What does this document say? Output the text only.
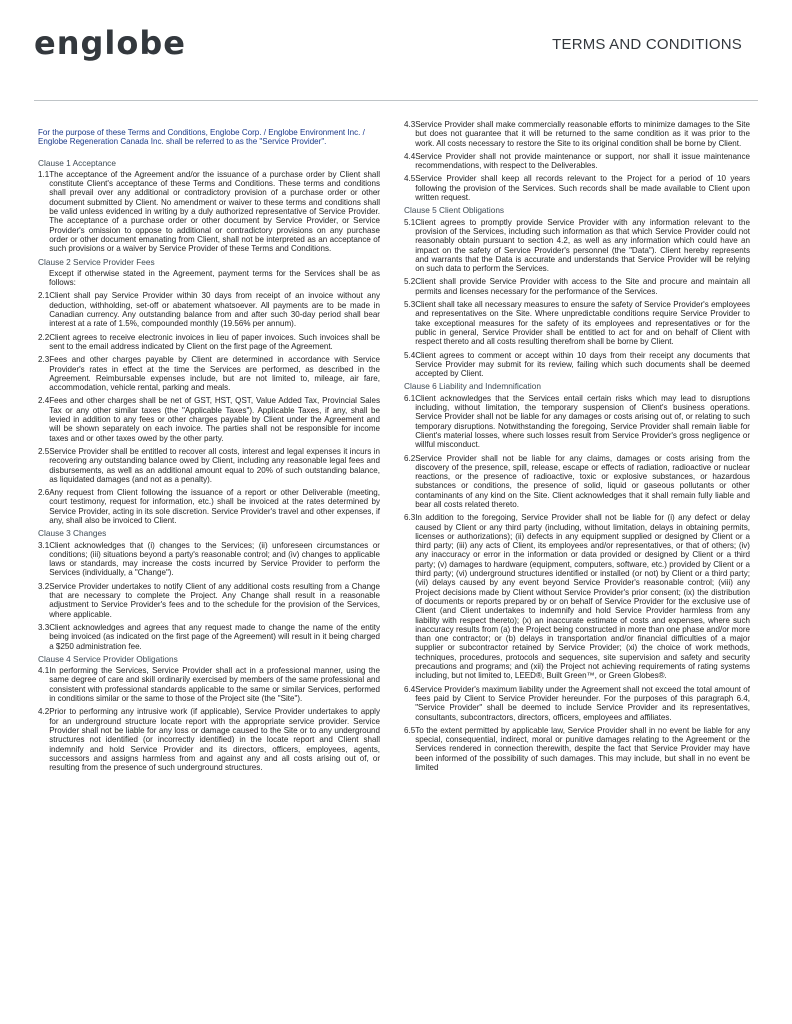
englobe	TERMS AND CONDITIONS
For the purpose of these Terms and Conditions, Englobe Corp. / Englobe Environment Inc. / Englobe Regeneration Canada Inc. shall be referred to as the "Service Provider".
Clause 1 Acceptance
1.1 The acceptance of the Agreement and/or the issuance of a purchase order by Client shall constitute Client's acceptance of these Terms and Conditions. These terms and conditions shall prevail over any additional or contradictory provision of a purchase order or other document submitted by Client. No amendment or waiver to these terms and conditions shall be valid unless evidenced in writing by a duly authorized representative of Service Provider. The acceptance of a purchase order or other document by Service Provider, or Service Provider's omission to oppose to additional or contradictory provisions on any purchase order or other document emanating from Client, shall not be interpreted as an acceptance of such provisions or a waiver by Service Provider of these Terms and Conditions.
Clause 2 Service Provider Fees
Except if otherwise stated in the Agreement, payment terms for the Services shall be as follows:
2.1 Client shall pay Service Provider within 30 days from receipt of an invoice without any deduction, withholding, set-off or abatement whatsoever. All payments are to be made in Canadian currency. Any outstanding balance from and after such 30-day period shall bear interest at a rate of 1.5%, compounded monthly (19.56% per annum).
2.2 Client agrees to receive electronic invoices in lieu of paper invoices. Such invoices shall be sent to the email address indicated by Client on the first page of the Agreement.
2.3 Fees and other charges payable by Client are determined in accordance with Service Provider's rates in effect at the time the Services are performed, as described in the Agreement. Reimbursable expenses include, but are not limited to, mileage, air fare, accommodation, vehicle rental, parking and meals.
2.4 Fees and other charges shall be net of GST, HST, QST, Value Added Tax, Provincial Sales Tax or any other similar taxes (the "Applicable Taxes"). Applicable Taxes, if any, shall be levied in addition to any fees or other charges payable by Client under the Agreement and will be shown separately on each invoice. The parties shall not be responsible for income taxes and or other taxes owed by the other party.
2.5 Service Provider shall be entitled to recover all costs, interest and legal expenses it incurs in recovering any outstanding balance owed by Client, including any reasonable legal fees and disbursements, as well as an additional amount equal to 20% of such outstanding balance, as liquidated damages (and not as a penalty).
2.6 Any request from Client following the issuance of a report or other Deliverable (meeting, court testimony, request for information, etc.) shall be invoiced at the rates determined by Service Provider, acting in its sole discretion. Service Provider's travel and other expenses, if any, shall also be invoiced to Client.
Clause 3 Changes
3.1 Client acknowledges that (i) changes to the Services; (ii) unforeseen circumstances or conditions; (iii) situations beyond a party's reasonable control; and (iv) changes to applicable laws or standards, may increase the costs incurred by Service Provider to perform the Services (individually, a "Change").
3.2 Service Provider undertakes to notify Client of any additional costs resulting from a Change that are necessary to complete the Project. Any Change shall result in a reasonable adjustment to Service Provider's fees and to the schedule for the provision of the Services, where applicable.
3.3 Client acknowledges and agrees that any request made to change the name of the entity being invoiced (as indicated on the first page of the Agreement) will result in it being charged a $250 administration fee.
Clause 4 Service Provider Obligations
4.1 In performing the Services, Service Provider shall act in a professional manner, using the same degree of care and skill ordinarily exercised by members of the same professional and consistent with professional standards applicable to the same or similar Services, performed in conditions similar or the same to those of the Project site (the "Site").
4.2 Prior to performing any intrusive work (if applicable), Service Provider undertakes to apply for an underground structure locate report with the appropriate service provider. Service Provider shall not be liable for any loss or damage caused to the Site or to any underground structures not identified (or incorrectly identified) in the locate report and Client shall indemnify and hold Service Provider and its directors, officers, employees, agents, successors and assigns harmless from and against any and all costs arising out of, or resulting from the presence of such underground structures.
4.3 Service Provider shall make commercially reasonable efforts to minimize damages to the Site but does not guarantee that it will be returned to the same condition as it was prior to the work. All costs necessary to restore the Site to its original condition shall be borne by Client.
4.4 Service Provider shall not provide maintenance or support, nor shall it issue maintenance recommendations, with respect to the Deliverables.
4.5 Service Provider shall keep all records relevant to the Project for a period of 10 years following the provision of the Services. Such records shall be made available to Client upon written request.
Clause 5 Client Obligations
5.1 Client agrees to promptly provide Service Provider with any information relevant to the provision of the Services, including such information as that which Service Provider could not reasonably obtain pursuant to section 4.2, as well as any information which could have an impact on the safety of Service Provider's personnel (the "Data"). Client hereby represents and warrants that the Data is accurate and understands that Service Provider will be relying on such data to perform the Services.
5.2 Client shall provide Service Provider with access to the Site and procure and maintain all permits and licenses necessary for the performance of the Services.
5.3 Client shall take all necessary measures to ensure the safety of Service Provider's employees and representatives on the Site. Where unpredictable conditions require Service Provider to take exceptional measures for the safety of its employees and representatives or for the public in general, Service Provider shall be entitled to act for and on behalf of Client with respect thereto and all costs resulting therefrom shall be borne by Client.
5.4 Client agrees to comment or accept within 10 days from their receipt any documents that Service Provider may submit for its review, failing which such documents shall be deemed accepted by Client.
Clause 6 Liability and Indemnification
6.1 Client acknowledges that the Services entail certain risks which may lead to disruptions including, without limitation, the temporary suspension of Client's business operations. Service Provider shall not be liable for any damages or costs arising out of, or relating to such temporary disruptions. Notwithstanding the foregoing, Service Provider shall remain liable for Client's material losses, where such losses result from Service Provider's gross negligence or willful misconduct.
6.2 Service Provider shall not be liable for any claims, damages or costs arising from the discovery of the presence, spill, release, escape or effects of radiation, radioactive or nuclear reactions, or the presence of radioactive, toxic or explosive substances, or hazardous substances or conditions, the presence of solid, liquid or gaseous pollutants or other contaminants of any kind on the Site. Client acknowledges that it shall remain fully liable and bear all costs related thereto.
6.3 In addition to the foregoing, Service Provider shall not be liable for (i) any defect or delay caused by Client or any third party (including, without limitation, delays in obtaining permits, licenses or authorizations); (ii) defects in any equipment supplied or designed by Client or a third party; (iii) any acts of Client, its employees and/or representatives, or that of others; (iv) any inaccuracy or error in the information or data provided or designed by Client or a third party; (v) damages to hardware (equipment, computers, software, etc.) provided by Client or a third party; (vi) underground structures identified or installed (or not) by Client or a third party; (vii) delays caused by any event beyond Service Provider's reasonable control; (viii) any Project decisions made by Client without Service Provider's prior consent; (ix) the distribution of documents or reports prepared by or on behalf of Service Provider for the exclusive use of Client (and Client undertakes to indemnify and hold Service Provider harmless from any liability with respect thereto); (x) an inaccurate estimate of costs and expenses, where such inaccuracy results from (a) the Project being constructed in more than one phase and/or more than one contractor; or (b) delays in transportation and/or financial difficulties of a major supplier or subcontractor retained by Service Provider; (xi) the choice of work methods, techniques, procedures, protocols and sequences, site supervision and safety and security precautions and programs; and (xii) the Project not achieving requirements of rating systems including, but not limited to, LEED®, Built Green™, or Green Globes®.
6.4 Service Provider's maximum liability under the Agreement shall not exceed the total amount of fees paid by Client to Service Provider hereunder. For the purposes of this paragraph 6.4, "Service Provider" shall be deemed to include Service Provider and its representatives, consultants, subcontractors, directors, officers, employees and affiliates.
6.5 To the extent permitted by applicable law, Service Provider shall in no event be liable for any special, consequential, indirect, moral or punitive damages relating to the Agreement or the Services rendered in connection therewith, despite the fact that Service Provider may have been informed of the possibility of such damages. This may include, but shall in no event be limited
